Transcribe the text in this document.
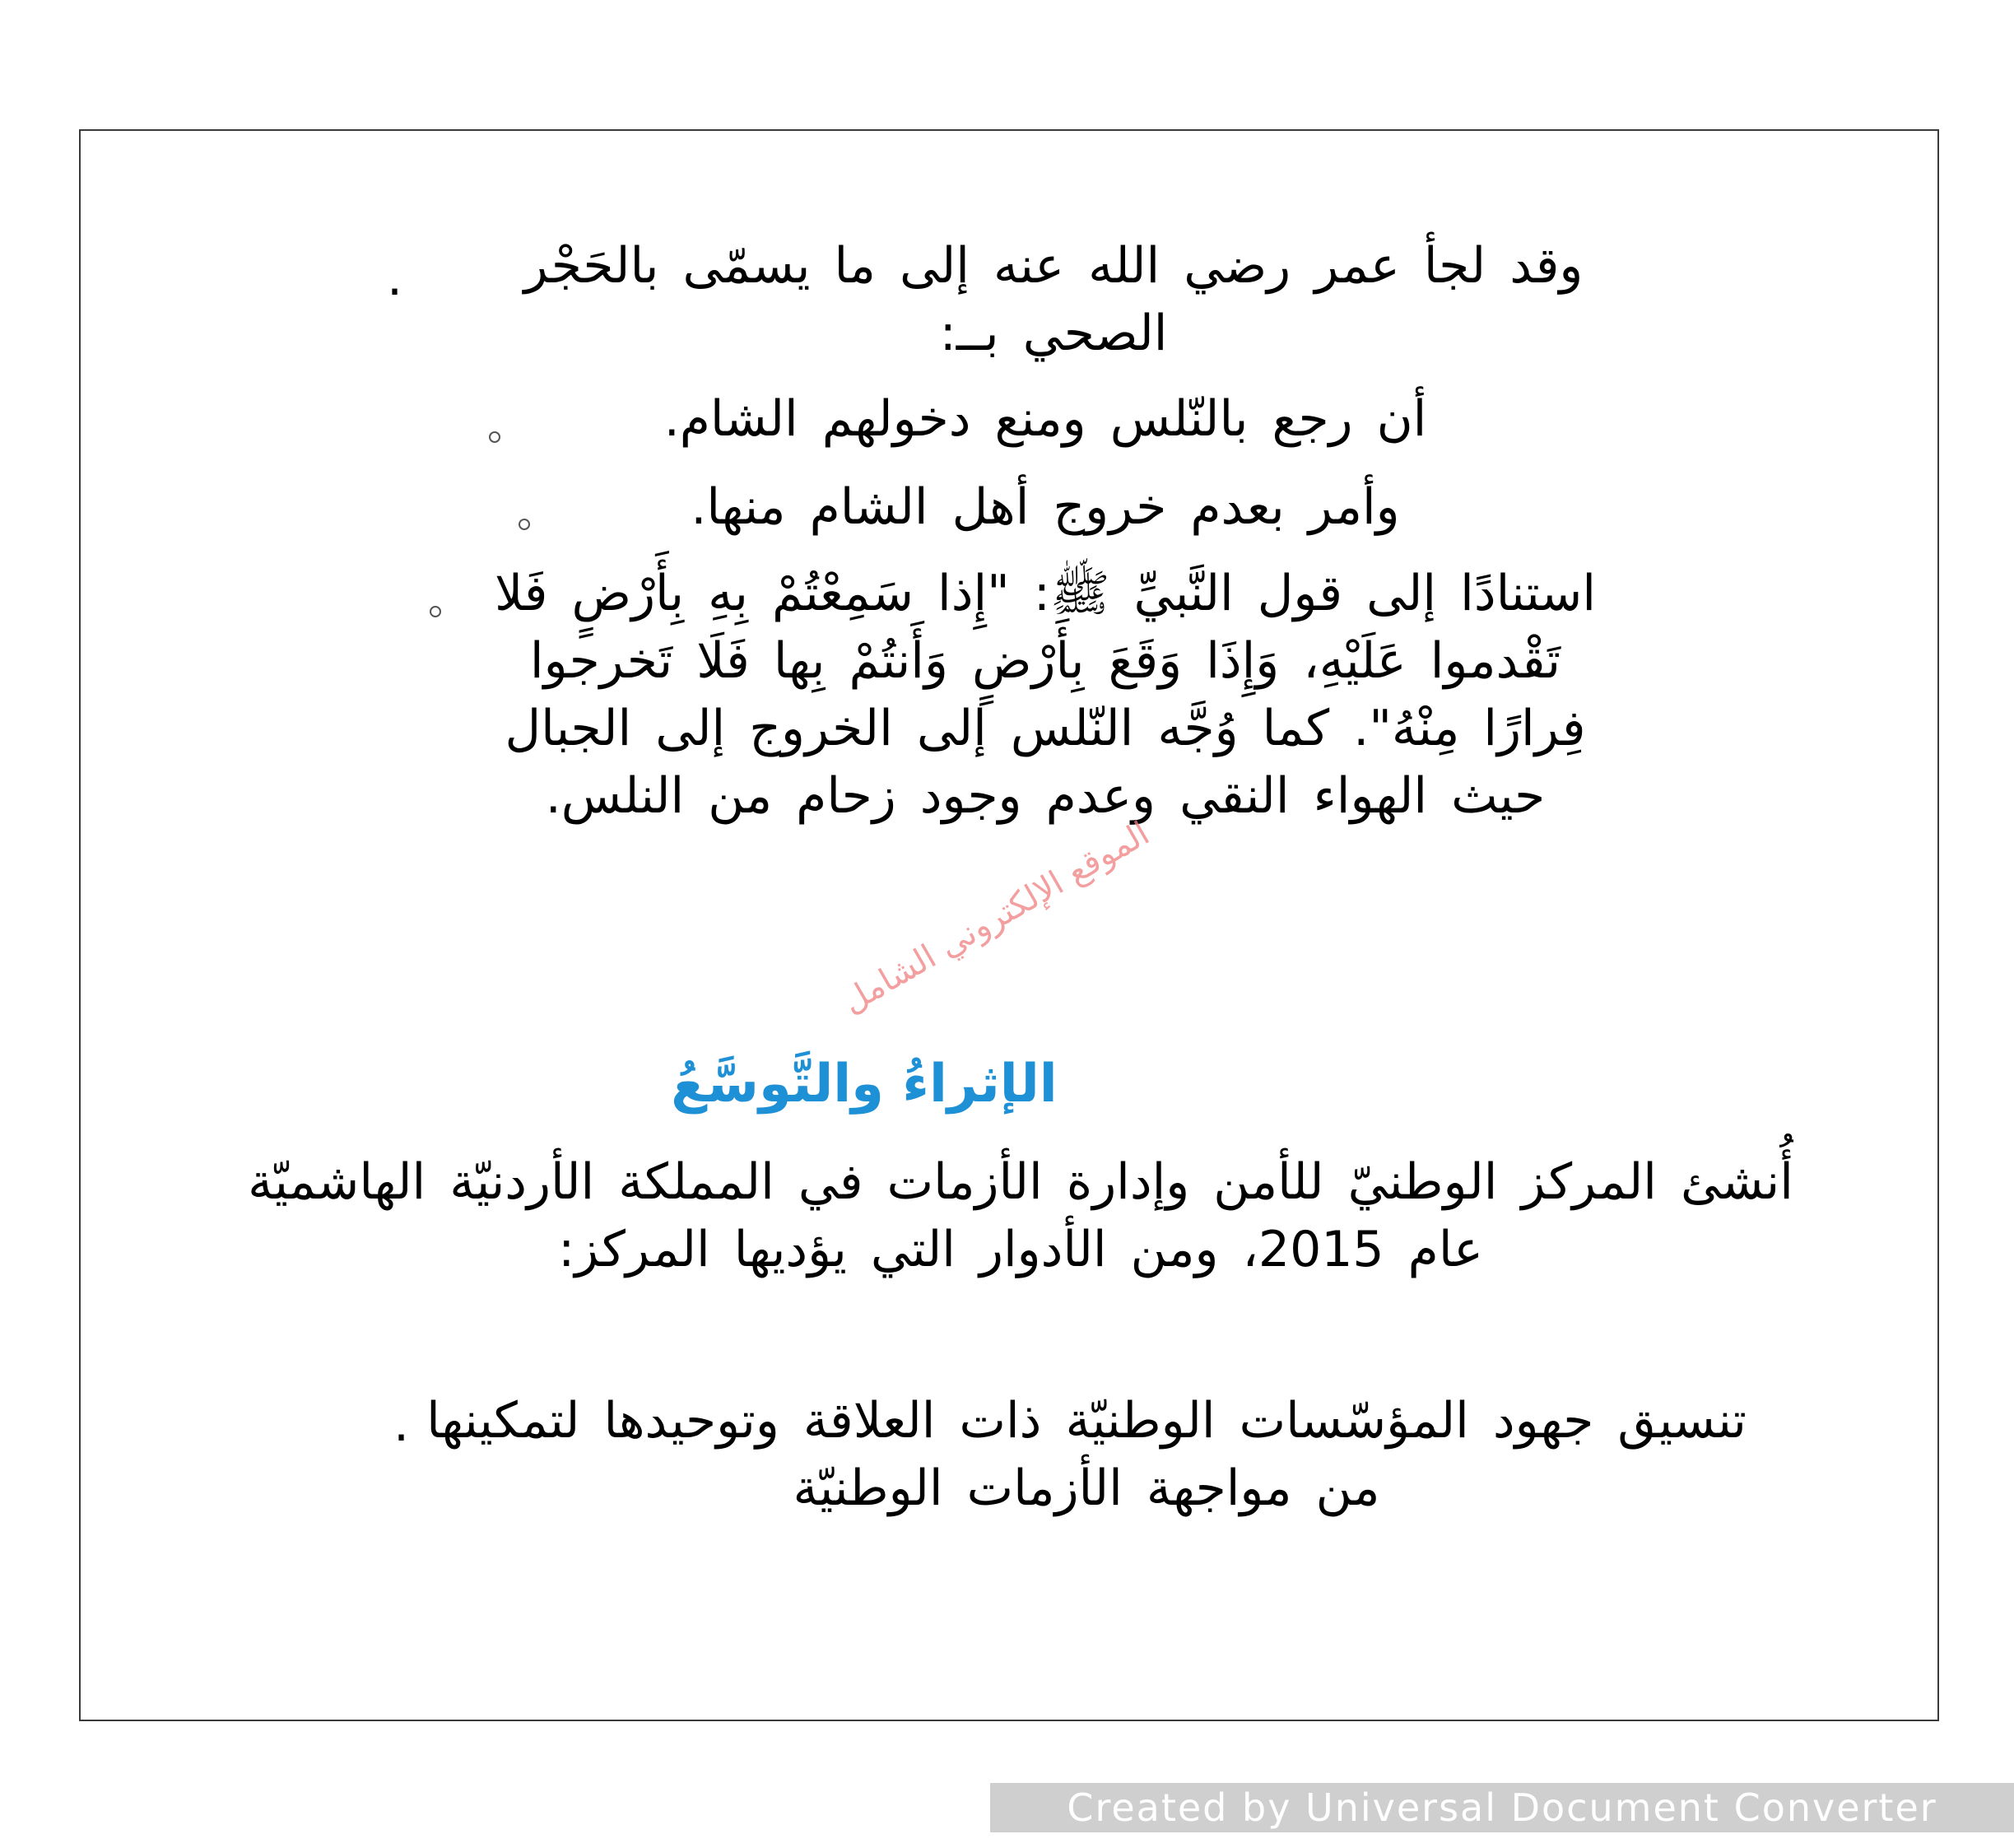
وقد لجأ عمر رضي الله عنه إلى ما يسمّى بالحَجْر الصحي بــ:
.
أن رجع بالنّلس ومنع دخولهم الشام.
وأمر بعدم خروج أهل الشام منها.
استنادًا إلى قول النَّبيِّ ﷺ: "إِذا سَمِعْتُمْ بِهِ بِأَرْضٍ فَلا تَقْدموا عَلَيْهِ، وَإِذَا وَقَعَ بِأَرْضٍ وَأَنتُمْ بِها فَلَا تَخرجوا فِرارًا مِنْهُ". كما وُجَّه النّلس إلى الخروج إلى الجبال حيث الهواء النقي وعدم وجود زحام من النلس.
الموقع الإلكتروني الشامل
الإثراءُ والتَّوسَّعُ
أُنشئ المركز الوطنيّ للأمن وإدارة الأزمات في المملكة الأردنيّة الهاشميّة عام 2015، ومن الأدوار التي يؤديها المركز:
تنسيق جهود المؤسّسات الوطنيّة ذات العلاقة وتوحيدها لتمكينها من مواجهة الأزمات الوطنيّة
.
Created by Universal Document Converter
